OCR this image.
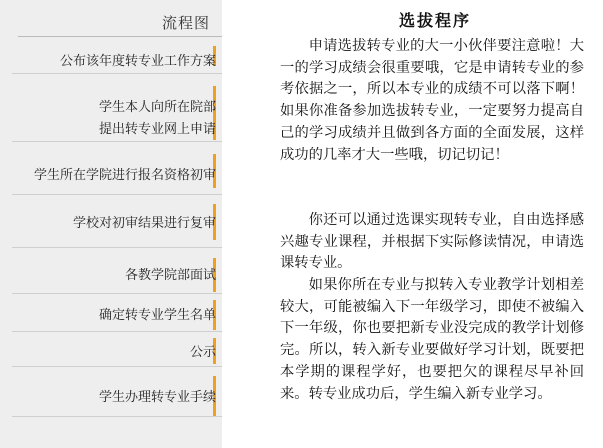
流程图
公布该年度转专业工作方案
学生本人向所在院部
提出转专业网上申请
学生所在学院进行报名资格初审
学校对初审结果进行复审
各教学院部面试
确定转专业学生名单
公示
学生办理转专业手续
选拔程序

申请选拔转专业的大一小伙伴要注意啦！大一的学习成绩会很重要哦，它是申请转专业的参考依据之一，所以本专业的成绩不可以落下啊！如果你准备参加选拔转专业，一定要努力提高自己的学习成绩并且做到各方面的全面发展，这样成功的几率才大一些哦，切记切记！

你还可以通过选课实现转专业，自由选择感兴趣专业课程，并根据下实际修读情况，申请选课转专业。

如果你所在专业与拟转入专业教学计划相差较大，可能被编入下一年级学习，即使不被编入下一年级，你也要把新专业没完成的教学计划修完。所以，转入新专业要做好学习计划，既要把本学期的课程学好，也要把欠的课程尽早补回来。转专业成功后，学生编入新专业学习。
